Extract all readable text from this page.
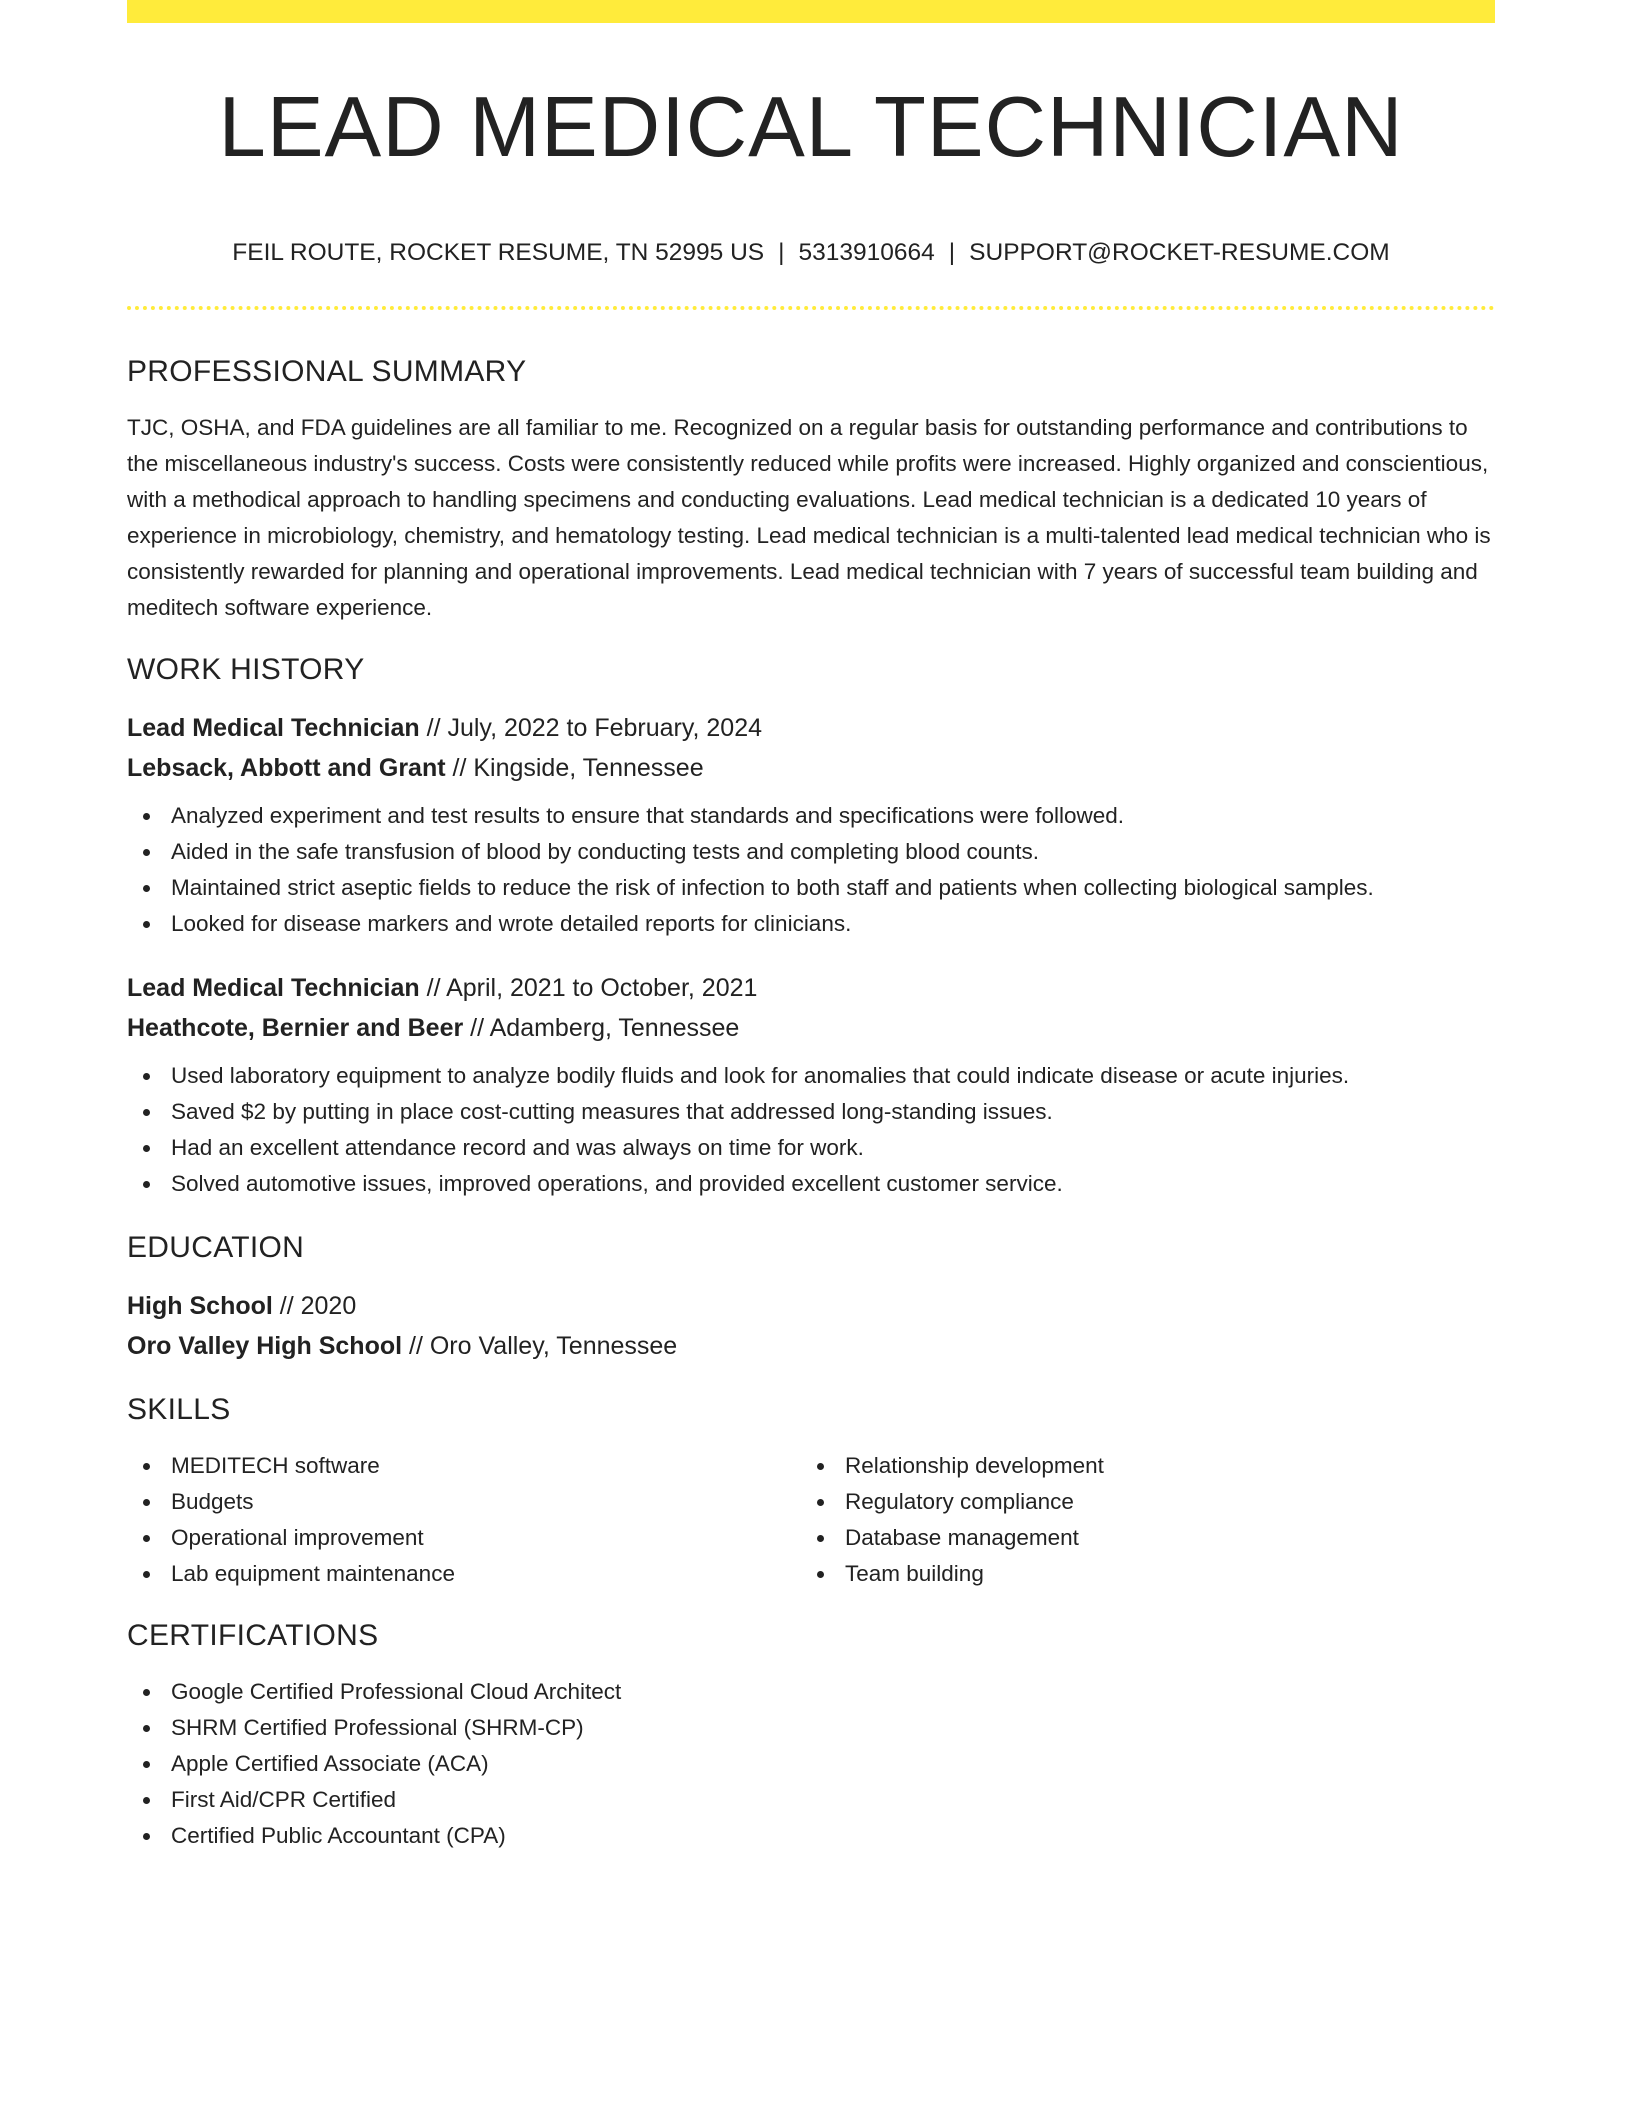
LEAD MEDICAL TECHNICIAN
FEIL ROUTE, ROCKET RESUME, TN 52995 US | 5313910664 | SUPPORT@ROCKET-RESUME.COM
PROFESSIONAL SUMMARY

TJC, OSHA, and FDA guidelines are all familiar to me. Recognized on a regular basis for outstanding performance and contributions to the miscellaneous industry's success. Costs were consistently reduced while profits were increased. Highly organized and conscientious, with a methodical approach to handling specimens and conducting evaluations. Lead medical technician is a dedicated 10 years of experience in microbiology, chemistry, and hematology testing. Lead medical technician is a multi-talented lead medical technician who is consistently rewarded for planning and operational improvements. Lead medical technician with 7 years of successful team building and meditech software experience.

WORK HISTORY
Lead Medical Technician // July, 2022 to February, 2024
Lebsack, Abbott and Grant // Kingside, Tennessee
Analyzed experiment and test results to ensure that standards and specifications were followed.
Aided in the safe transfusion of blood by conducting tests and completing blood counts.
Maintained strict aseptic fields to reduce the risk of infection to both staff and patients when collecting biological samples.
Looked for disease markers and wrote detailed reports for clinicians.
Lead Medical Technician // April, 2021 to October, 2021
Heathcote, Bernier and Beer // Adamberg, Tennessee
Used laboratory equipment to analyze bodily fluids and look for anomalies that could indicate disease or acute injuries.
Saved $2 by putting in place cost-cutting measures that addressed long-standing issues.
Had an excellent attendance record and was always on time for work.
Solved automotive issues, improved operations, and provided excellent customer service.
EDUCATION
High School // 2020
Oro Valley High School // Oro Valley, Tennessee
SKILLS
MEDITECH software
Budgets
Operational improvement
Lab equipment maintenance
Relationship development
Regulatory compliance
Database management
Team building
CERTIFICATIONS
Google Certified Professional Cloud Architect
SHRM Certified Professional (SHRM-CP)
Apple Certified Associate (ACA)
First Aid/CPR Certified
Certified Public Accountant (CPA)
